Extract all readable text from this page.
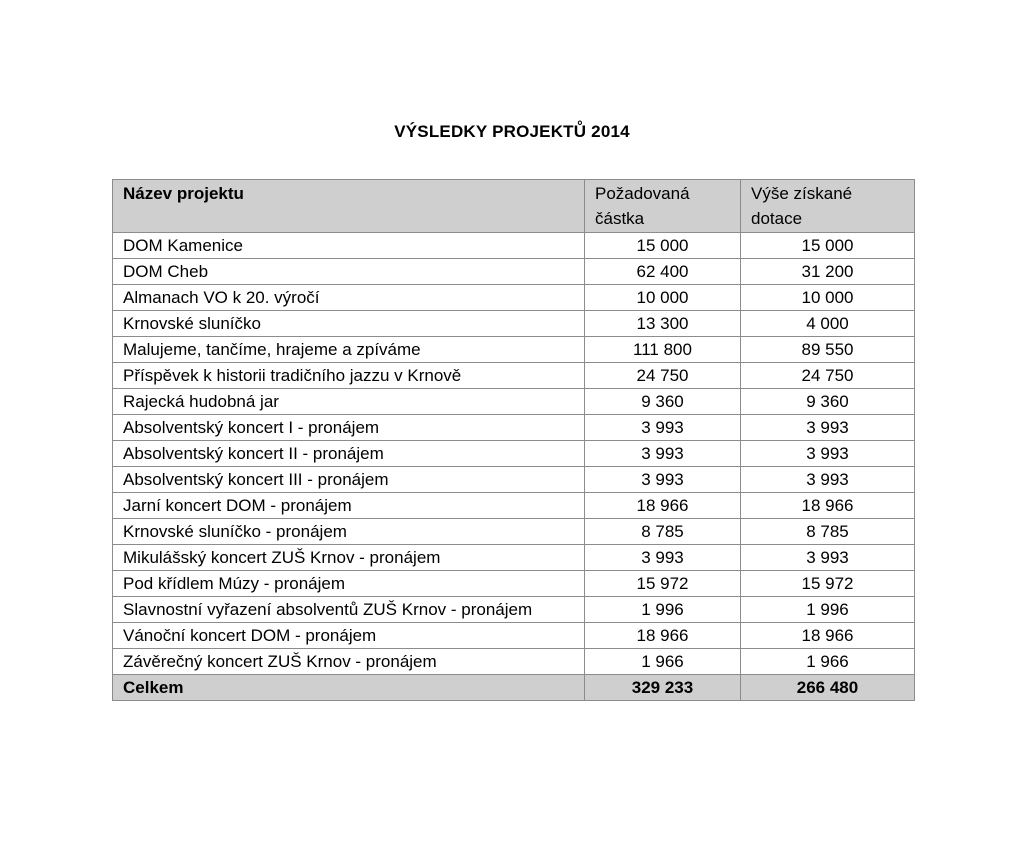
VÝSLEDKY PROJEKTŮ 2014
Název projektu	Požadovaná částka	Výše získané dotace
DOM Kamenice	15 000	15 000
DOM Cheb	62 400	31 200
Almanach VO k 20. výročí	10 000	10 000
Krnovské sluníčko	13 300	4 000
Malujeme, tančíme, hrajeme a zpíváme	111 800	89 550
Příspěvek k historii tradičního jazzu v Krnově	24 750	24 750
Rajecká hudobná jar	9 360	9 360
Absolventský koncert I - pronájem	3 993	3 993
Absolventský koncert II - pronájem	3 993	3 993
Absolventský koncert III - pronájem	3 993	3 993
Jarní koncert DOM - pronájem	18 966	18 966
Krnovské sluníčko - pronájem	8 785	8 785
Mikulášský koncert ZUŠ Krnov - pronájem	3 993	3 993
Pod křídlem Múzy - pronájem	15 972	15 972
Slavnostní vyřazení absolventů ZUŠ Krnov - pronájem	1 996	1 996
Vánoční koncert DOM - pronájem	18 966	18 966
Závěrečný koncert ZUŠ Krnov - pronájem	1 966	1 966
Celkem	329 233	266 480
